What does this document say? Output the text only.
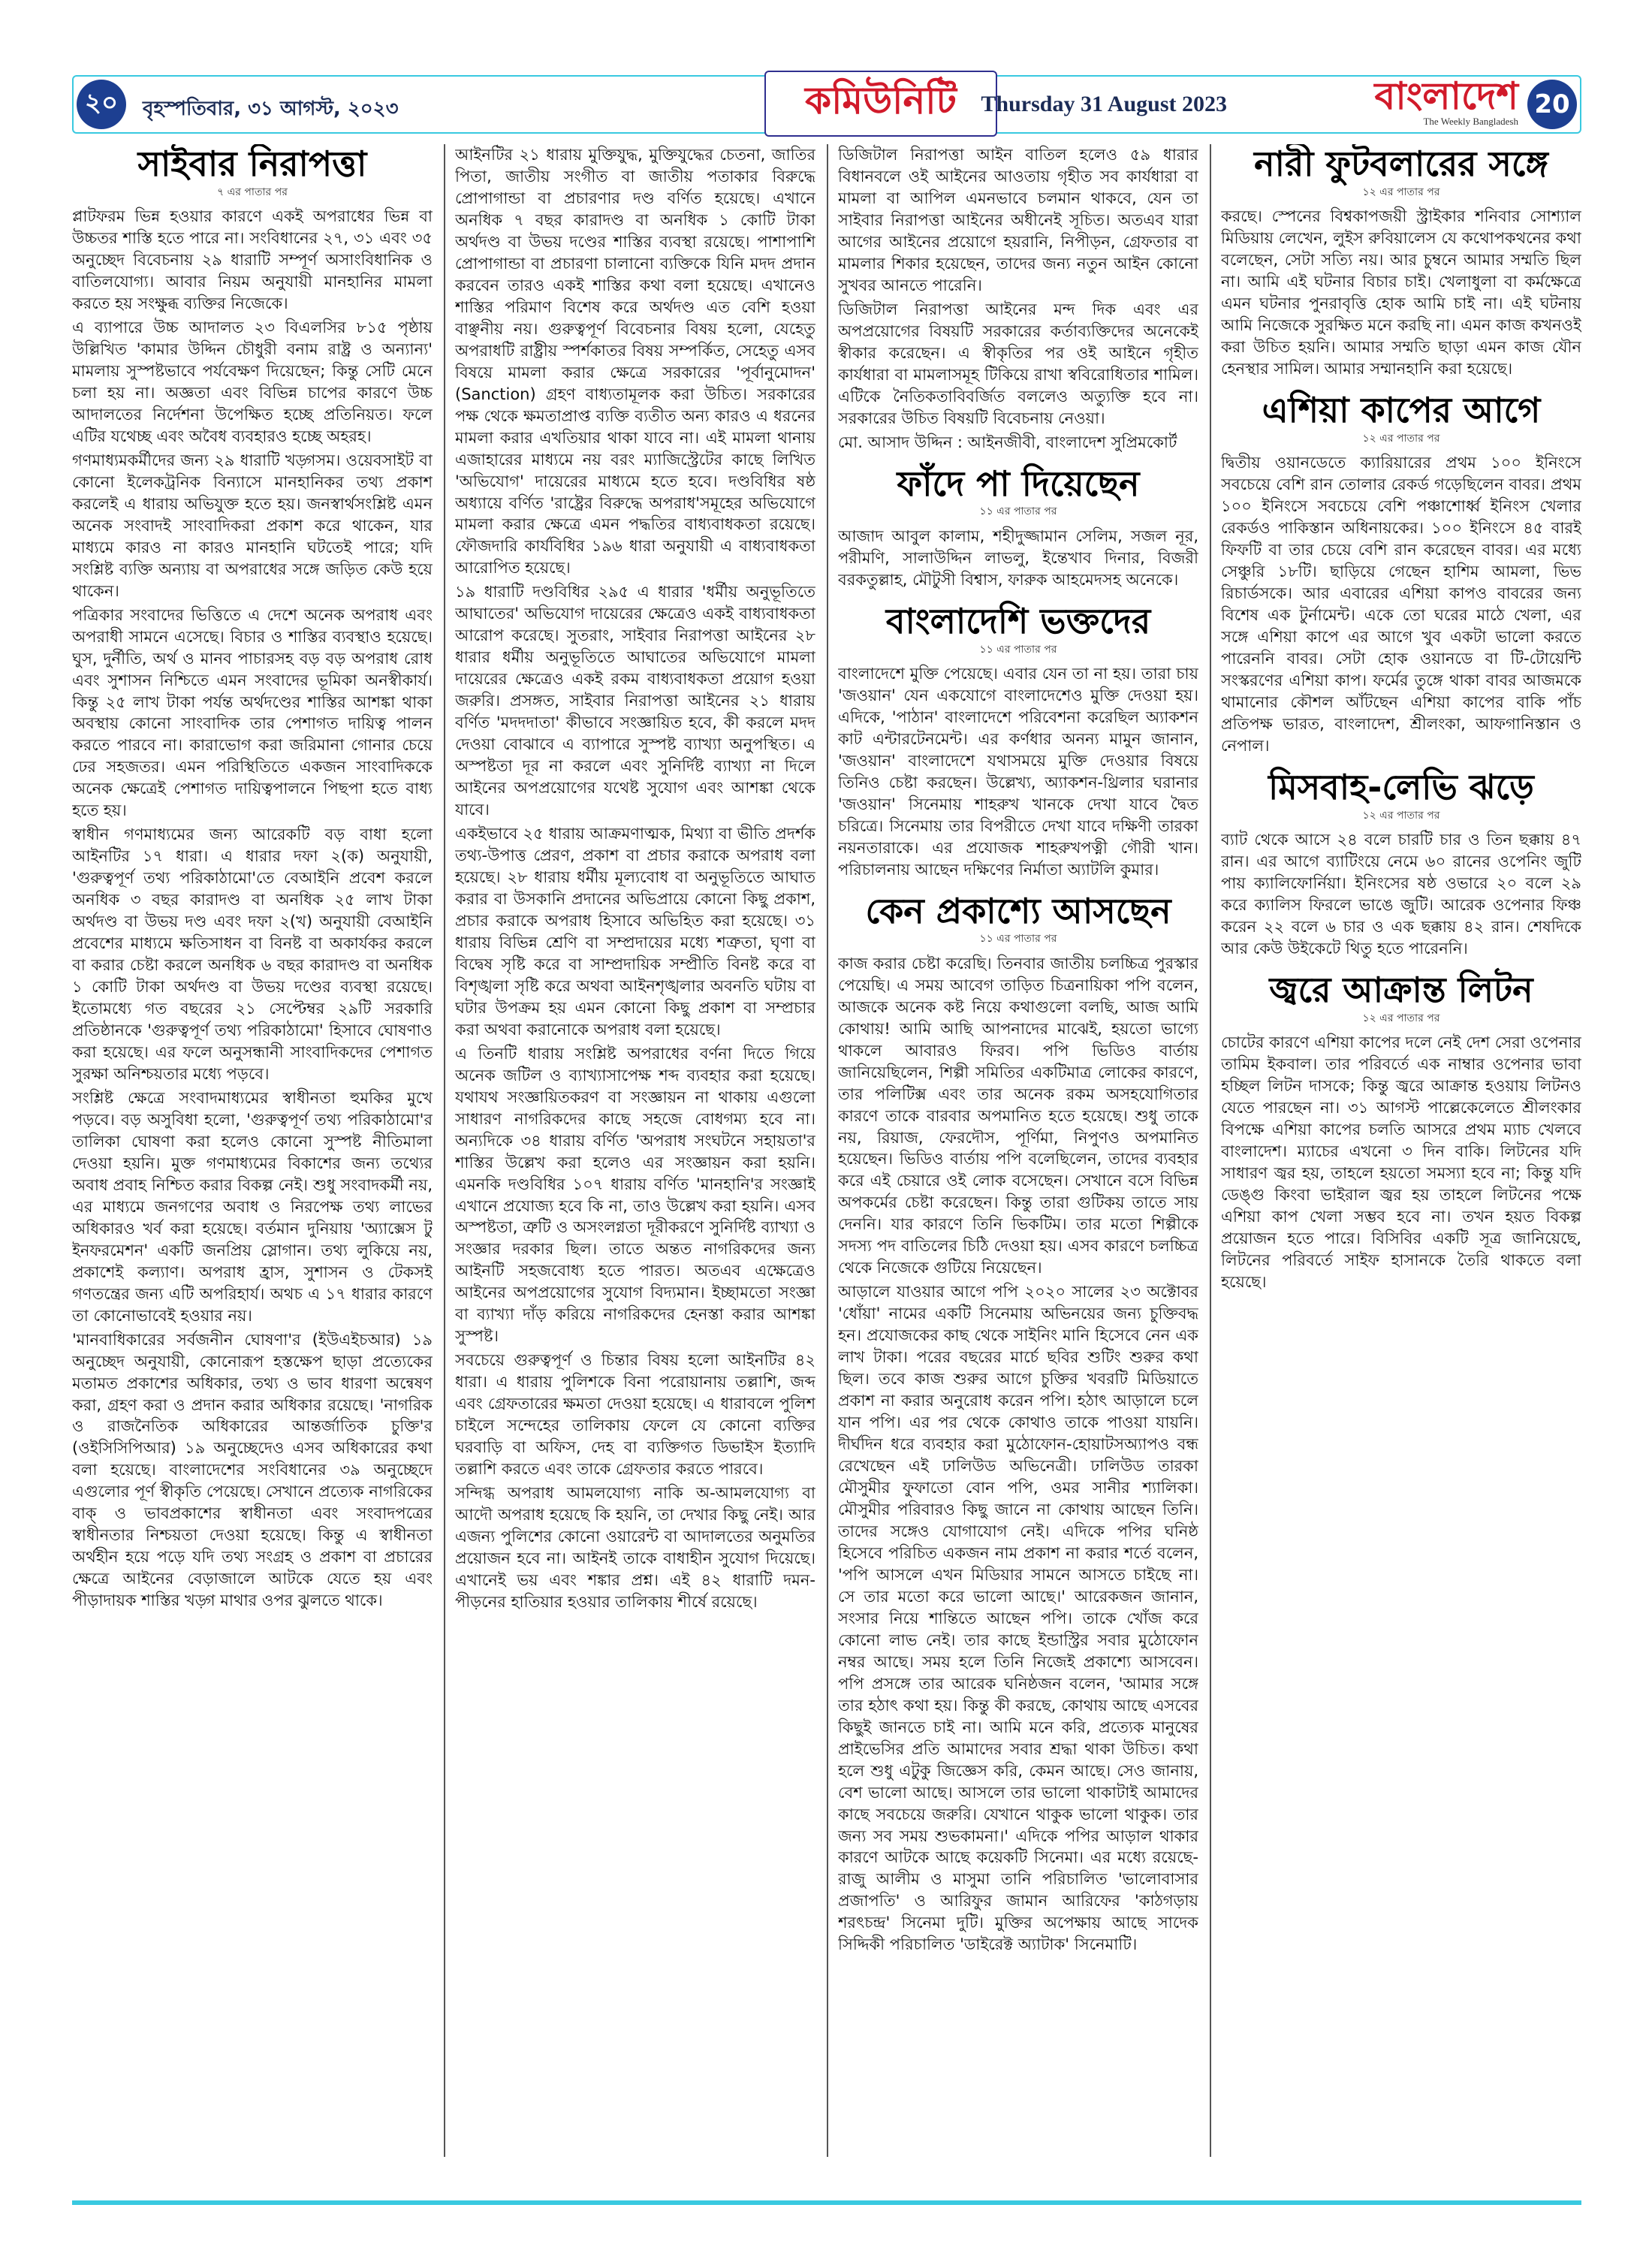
২০	বৃহস্পতিবার, ৩১ আগস্ট, ২০২৩	কমিউনিটি	Thursday 31 August 2023	বাংলাদেশ
The Weekly Bangladesh
20
সাইবার নিরাপত্তা
৭ এর পাতার পর

প্লাটফরম ভিন্ন হওয়ার কারণে একই অপরাধের ভিন্ন বা উচ্চতর শাস্তি হতে পারে না। সংবিধানের ২৭, ৩১ এবং ৩৫ অনুচ্ছেদ বিবেচনায় ২৯ ধারাটি সম্পূর্ণ অসাংবিধানিক ও বাতিলযোগ্য। আবার নিয়ম অনুযায়ী মানহানির মামলা করতে হয় সংক্ষুব্ধ ব্যক্তির নিজেকে।

এ ব্যাপারে উচ্চ আদালত ২৩ বিএলসির ৮১৫ পৃষ্ঠায় উল্লিখিত 'কামার উদ্দিন চৌধুরী বনাম রাষ্ট্র ও অন্যান্য' মামলায় সুস্পষ্টভাবে পর্যবেক্ষণ দিয়েছেন; কিন্তু সেটি মেনে চলা হয় না। অজ্ঞতা এবং বিভিন্ন চাপের কারণে উচ্চ আদালতের নির্দেশনা উপেক্ষিত হচ্ছে প্রতিনিয়ত। ফলে এটির যথেচ্ছ এবং অবৈধ ব্যবহারও হচ্ছে অহরহ।

গণমাধ্যমকর্মীদের জন্য ২৯ ধারাটি খড়্গসম। ওয়েবসাইট বা কোনো ইলেকট্রনিক বিন্যাসে মানহানিকর তথ্য প্রকাশ করলেই এ ধারায় অভিযুক্ত হতে হয়। জনস্বার্থসংশ্লিষ্ট এমন অনেক সংবাদই সাংবাদিকরা প্রকাশ করে থাকেন, যার মাধ্যমে কারও না কারও মানহানি ঘটতেই পারে; যদি সংশ্লিষ্ট ব্যক্তি অন্যায় বা অপরাধের সঙ্গে জড়িত কেউ হয়ে থাকেন।

পত্রিকার সংবাদের ভিত্তিতে এ দেশে অনেক অপরাধ এবং অপরাধী সামনে এসেছে। বিচার ও শাস্তির ব্যবস্থাও হয়েছে। ঘুস, দুর্নীতি, অর্থ ও মানব পাচারসহ বড় বড় অপরাধ রোধ এবং সুশাসন নিশ্চিতে এমন সংবাদের ভূমিকা অনস্বীকার্য। কিন্তু ২৫ লাখ টাকা পর্যন্ত অর্থদণ্ডের শাস্তির আশঙ্কা থাকা অবস্থায় কোনো সাংবাদিক তার পেশাগত দায়িত্ব পালন করতে পারবে না। কারাভোগ করা জরিমানা গোনার চেয়ে ঢের সহজতর। এমন পরিস্থিতিতে একজন সাংবাদিককে অনেক ক্ষেত্রেই পেশাগত দায়িত্বপালনে পিছপা হতে বাধ্য হতে হয়।

স্বাধীন গণমাধ্যমের জন্য আরেকটি বড় বাধা হলো আইনটির ১৭ ধারা। এ ধারার দফা ২(ক) অনুযায়ী, 'গুরুত্বপূর্ণ তথ্য পরিকাঠামো'তে বেআইনি প্রবেশ করলে অনধিক ৩ বছর কারাদণ্ড বা অনধিক ২৫ লাখ টাকা অর্থদণ্ড বা উভয় দণ্ড এবং দফা ২(খ) অনুযায়ী বেআইনি প্রবেশের মাধ্যমে ক্ষতিসাধন বা বিনষ্ট বা অকার্যকর করলে বা করার চেষ্টা করলে অনধিক ৬ বছর কারাদণ্ড বা অনধিক ১ কোটি টাকা অর্থদণ্ড বা উভয় দণ্ডের ব্যবস্থা রয়েছে। ইতোমধ্যে গত বছরের ২১ সেপ্টেম্বর ২৯টি সরকারি প্রতিষ্ঠানকে 'গুরুত্বপূর্ণ তথ্য পরিকাঠামো' হিসাবে ঘোষণাও করা হয়েছে। এর ফলে অনুসন্ধানী সাংবাদিকদের পেশাগত সুরক্ষা অনিশ্চয়তার মধ্যে পড়বে।

সংশ্লিষ্ট ক্ষেত্রে সংবাদমাধ্যমের স্বাধীনতা হুমকির মুখে পড়বে। বড় অসুবিধা হলো, 'গুরুত্বপূর্ণ তথ্য পরিকাঠামো'র তালিকা ঘোষণা করা হলেও কোনো সুস্পষ্ট নীতিমালা দেওয়া হয়নি। মুক্ত গণমাধ্যমের বিকাশের জন্য তথ্যের অবাধ প্রবাহ নিশ্চিত করার বিকল্প নেই। শুধু সংবাদকর্মী নয়, এর মাধ্যমে জনগণের অবাধ ও নিরপেক্ষ তথ্য লাভের অধিকারও খর্ব করা হয়েছে। বর্তমান দুনিয়ায় 'অ্যাক্সেস টু ইনফরমেশন' একটি জনপ্রিয় স্লোগান। তথ্য লুকিয়ে নয়, প্রকাশেই কল্যাণ। অপরাধ হ্রাস, সুশাসন ও টেকসই গণতন্ত্রের জন্য এটি অপরিহার্য। অথচ এ ১৭ ধারার কারণে তা কোনোভাবেই হওয়ার নয়।

'মানবাধিকারের সর্বজনীন ঘোষণা'র (ইউএইচআর) ১৯ অনুচ্ছেদ অনুযায়ী, কোনোরূপ হস্তক্ষেপ ছাড়া প্রত্যেকের মতামত প্রকাশের অধিকার, তথ্য ও ভাব ধারণা অন্বেষণ করা, গ্রহণ করা ও প্রদান করার অধিকার রয়েছে। 'নাগরিক ও রাজনৈতিক অধিকারের আন্তর্জাতিক চুক্তি'র (ওইসিসিপিআর) ১৯ অনুচ্ছেদেও এসব অধিকারের কথা বলা হয়েছে। বাংলাদেশের সংবিধানের ৩৯ অনুচ্ছেদে এগুলোর পূর্ণ স্বীকৃতি পেয়েছে। সেখানে প্রত্যেক নাগরিকের বাক্‌ ও ভাবপ্রকাশের স্বাধীনতা এবং সংবাদপত্রের স্বাধীনতার নিশ্চয়তা দেওয়া হয়েছে। কিন্তু এ স্বাধীনতা অর্থহীন হয়ে পড়ে যদি তথ্য সংগ্রহ ও প্রকাশ বা প্রচারের ক্ষেত্রে আইনের বেড়াজালে আটকে যেতে হয় এবং পীড়াদায়ক শাস্তির খড়্গ মাথার ওপর ঝুলতে থাকে।

আইনটির ২১ ধারায় মুক্তিযুদ্ধ, মুক্তিযুদ্ধের চেতনা, জাতির পিতা, জাতীয় সংগীত বা জাতীয় পতাকার বিরুদ্ধে প্রোপাগান্ডা বা প্রচারণার দণ্ড বর্ণিত হয়েছে। এখানে অনধিক ৭ বছর কারাদণ্ড বা অনধিক ১ কোটি টাকা অর্থদণ্ড বা উভয় দণ্ডের শাস্তির ব্যবস্থা রয়েছে। পাশাপাশি প্রোপাগান্ডা বা প্রচারণা চালানো ব্যক্তিকে যিনি মদদ প্রদান করবেন তারও একই শাস্তির কথা বলা হয়েছে। এখানেও শাস্তির পরিমাণ বিশেষ করে অর্থদণ্ড এত বেশি হওয়া বাঞ্ছনীয় নয়। গুরুত্বপূর্ণ বিবেচনার বিষয় হলো, যেহেতু অপরাধটি রাষ্ট্রীয় স্পর্শকাতর বিষয় সম্পর্কিত, সেহেতু এসব বিষয়ে মামলা করার ক্ষেত্রে সরকারের 'পূর্বানুমোদন' (Sanction) গ্রহণ বাধ্যতামূলক করা উচিত। সরকারের পক্ষ থেকে ক্ষমতাপ্রাপ্ত ব্যক্তি ব্যতীত অন্য কারও এ ধরনের মামলা করার এখতিয়ার থাকা যাবে না। এই মামলা থানায় এজাহারের মাধ্যমে নয় বরং ম্যাজিস্ট্রেটের কাছে লিখিত 'অভিযোগ' দায়েরের মাধ্যমে হতে হবে। দণ্ডবিধির ষষ্ঠ অধ্যায়ে বর্ণিত 'রাষ্ট্রের বিরুদ্ধে অপরাধ'সমূহের অভিযোগে মামলা করার ক্ষেত্রে এমন পদ্ধতির বাধ্যবাধকতা রয়েছে। ফৌজদারি কার্যবিধির ১৯৬ ধারা অনুযায়ী এ বাধ্যবাধকতা আরোপিত হয়েছে।

১৯ ধারাটি দণ্ডবিধির ২৯৫ এ ধারার 'ধর্মীয় অনুভূতিতে আঘাতের' অভিযোগ দায়েরের ক্ষেত্রেও একই বাধ্যবাধকতা আরোপ করেছে। সুতরাং, সাইবার নিরাপত্তা আইনের ২৮ ধারার ধর্মীয় অনুভূতিতে আঘাতের অভিযোগে মামলা দায়েরের ক্ষেত্রেও একই রকম বাধ্যবাধকতা প্রয়োগ হওয়া জরুরি। প্রসঙ্গত, সাইবার নিরাপত্তা আইনের ২১ ধারায় বর্ণিত 'মদদদাতা' কীভাবে সংজ্ঞায়িত হবে, কী করলে মদদ দেওয়া বোঝাবে এ ব্যাপারে সুস্পষ্ট ব্যাখ্যা অনুপস্থিত। এ অস্পষ্টতা দূর না করলে এবং সুনির্দিষ্ট ব্যাখ্যা না দিলে আইনের অপপ্রয়োগের যথেষ্ট সুযোগ এবং আশঙ্কা থেকে যাবে।

একইভাবে ২৫ ধারায় আক্রমণাত্মক, মিথ্যা বা ভীতি প্রদর্শক তথ্য-উপাত্ত প্রেরণ, প্রকাশ বা প্রচার করাকে অপরাধ বলা হয়েছে। ২৮ ধারায় ধর্মীয় মূল্যবোধ বা অনুভূতিতে আঘাত করার বা উসকানি প্রদানের অভিপ্রায়ে কোনো কিছু প্রকাশ, প্রচার করাকে অপরাধ হিসাবে অভিহিত করা হয়েছে। ৩১ ধারায় বিভিন্ন শ্রেণি বা সম্প্রদায়ের মধ্যে শত্রুতা, ঘৃণা বা বিদ্বেষ সৃষ্টি করে বা সাম্প্রদায়িক সম্প্রীতি বিনষ্ট করে বা বিশৃঙ্খলা সৃষ্টি করে অথবা আইনশৃঙ্খলার অবনতি ঘটায় বা ঘটার উপক্রম হয় এমন কোনো কিছু প্রকাশ বা সম্প্রচার করা অথবা করানোকে অপরাধ বলা হয়েছে।

এ তিনটি ধারায় সংশ্লিষ্ট অপরাধের বর্ণনা দিতে গিয়ে অনেক জটিল ও ব্যাখ্যাসাপেক্ষ শব্দ ব্যবহার করা হয়েছে। যথাযথ সংজ্ঞায়িতকরণ বা সংজ্ঞায়ন না থাকায় এগুলো সাধারণ নাগরিকদের কাছে সহজে বোধগম্য হবে না। অন্যদিকে ৩৪ ধারায় বর্ণিত 'অপরাধ সংঘটনে সহায়তা'র শাস্তির উল্লেখ করা হলেও এর সংজ্ঞায়ন করা হয়নি। এমনকি দণ্ডবিধির ১০৭ ধারায় বর্ণিত 'মানহানি'র সংজ্ঞাই এখানে প্রযোজ্য হবে কি না, তাও উল্লেখ করা হয়নি। এসব অস্পষ্টতা, ত্রুটি ও অসংলগ্নতা দূরীকরণে সুনির্দিষ্ট ব্যাখ্যা ও সংজ্ঞার দরকার ছিল। তাতে অন্তত নাগরিকদের জন্য আইনটি সহজবোধ্য হতে পারত। অতএব এক্ষেত্রেও আইনের অপপ্রয়োগের সুযোগ বিদ্যমান। ইচ্ছামতো সংজ্ঞা বা ব্যাখ্যা দাঁড় করিয়ে নাগরিকদের হেনস্তা করার আশঙ্কা সুস্পষ্ট।

সবচেয়ে গুরুত্বপূর্ণ ও চিন্তার বিষয় হলো আইনটির ৪২ ধারা। এ ধারায় পুলিশকে বিনা পরোয়ানায় তল্লাশি, জব্দ এবং গ্রেফতারের ক্ষমতা দেওয়া হয়েছে। এ ধারাবলে পুলিশ চাইলে সন্দেহের তালিকায় ফেলে যে কোনো ব্যক্তির ঘরবাড়ি বা অফিস, দেহ বা ব্যক্তিগত ডিভাইস ইত্যাদি তল্লাশি করতে এবং তাকে গ্রেফতার করতে পারবে।

সন্দিগ্ধ অপরাধ আমলযোগ্য নাকি অ-আমলযোগ্য বা আদৌ অপরাধ হয়েছে কি হয়নি, তা দেখার কিছু নেই। আর এজন্য পুলিশের কোনো ওয়ারেন্ট বা আদালতের অনুমতির প্রয়োজন হবে না। আইনই তাকে বাধাহীন সুযোগ দিয়েছে। এখানেই ভয় এবং শঙ্কার প্রশ্ন। এই ৪২ ধারাটি দমন-পীড়নের হাতিয়ার হওয়ার তালিকায় শীর্ষে রয়েছে।

ডিজিটাল নিরাপত্তা আইন বাতিল হলেও ৫৯ ধারার বিধানবলে ওই আইনের আওতায় গৃহীত সব কার্যধারা বা মামলা বা আপিল এমনভাবে চলমান থাকবে, যেন তা সাইবার নিরাপত্তা আইনের অধীনেই সূচিত। অতএব যারা আগের আইনের প্রয়োগে হয়রানি, নিপীড়ন, গ্রেফতার বা মামলার শিকার হয়েছেন, তাদের জন্য নতুন আইন কোনো সুখবর আনতে পারেনি।

ডিজিটাল নিরাপত্তা আইনের মন্দ দিক এবং এর অপপ্রয়োগের বিষয়টি সরকারের কর্তাব্যক্তিদের অনেকেই স্বীকার করেছেন। এ স্বীকৃতির পর ওই আইনে গৃহীত কার্যধারা বা মামলাসমূহ টিকিয়ে রাখা স্ববিরোধিতার শামিল। এটিকে নৈতিকতাবিবর্জিত বললেও অত্যুক্তি হবে না। সরকারের উচিত বিষয়টি বিবেচনায় নেওয়া।

মো. আসাদ উদ্দিন : আইনজীবী, বাংলাদেশ সুপ্রিমকোর্ট

ফাঁদে পা দিয়েছেন
১১ এর পাতার পর

আজাদ আবুল কালাম, শহীদুজ্জামান সেলিম, সজল নূর, পরীমণি, সালাউদ্দিন লাভলু, ইন্তেখাব দিনার, বিজরী বরকতুল্লাহ, মৌটুসী বিশ্বাস, ফারুক আহমেদসহ অনেকে।

বাংলাদেশি ভক্তদের
১১ এর পাতার পর

বাংলাদেশে মুক্তি পেয়েছে। এবার যেন তা না হয়। তারা চায় 'জওয়ান' যেন একযোগে বাংলাদেশেও মুক্তি দেওয়া হয়। এদিকে, 'পাঠান' বাংলাদেশে পরিবেশনা করেছিল অ্যাকশন কাট এন্টারটেনমেন্ট। এর কর্ণধার অনন্য মামুন জানান, 'জওয়ান' বাংলাদেশে যথাসময়ে মুক্তি দেওয়ার বিষয়ে তিনিও চেষ্টা করছেন। উল্লেখ্য, অ্যাকশন-থ্রিলার ঘরানার 'জওয়ান' সিনেমায় শাহরুখ খানকে দেখা যাবে দ্বৈত চরিত্রে। সিনেমায় তার বিপরীতে দেখা যাবে দক্ষিণী তারকা নয়নতারাকে। এর প্রযোজক শাহরুখপত্নী গৌরী খান। পরিচালনায় আছেন দক্ষিণের নির্মাতা অ্যাটলি কুমার।

কেন প্রকাশ্যে আসছেন
১১ এর পাতার পর

কাজ করার চেষ্টা করেছি। তিনবার জাতীয় চলচ্চিত্র পুরস্কার পেয়েছি। এ সময় আবেগ তাড়িত চিত্রনায়িকা পপি বলেন, আজকে অনেক কষ্ট নিয়ে কথাগুলো বলছি, আজ আমি কোথায়! আমি আছি আপনাদের মাঝেই, হয়তো ভাগ্যে থাকলে আবারও ফিরব। পপি ভিডিও বার্তায় জানিয়েছিলেন, শিল্পী সমিতির একটিমাত্র লোকের কারণে, তার পলিটিক্স এবং তার অনেক রকম অসহযোগিতার কারণে তাকে বারবার অপমানিত হতে হয়েছে। শুধু তাকে নয়, রিয়াজ, ফেরদৌস, পূর্ণিমা, নিপুণও অপমানিত হয়েছেন। ভিডিও বার্তায় পপি বলেছিলেন, তাদের ব্যবহার করে এই চেয়ারে ওই লোক বসেছেন। সেখানে বসে বিভিন্ন অপকর্মের চেষ্টা করেছেন। কিন্তু তারা গুটিকয় তাতে সায় দেননি। যার কারণে তিনি ভিকটিম। তার মতো শিল্পীকে সদস্য পদ বাতিলের চিঠি দেওয়া হয়। এসব কারণে চলচ্চিত্র থেকে নিজেকে গুটিয়ে নিয়েছেন।

আড়ালে যাওয়ার আগে পপি ২০২০ সালের ২৩ অক্টোবর 'ধোঁয়া' নামের একটি সিনেমায় অভিনয়ের জন্য চুক্তিবদ্ধ হন। প্রযোজকের কাছ থেকে সাইনিং মানি হিসেবে নেন এক লাখ টাকা। পরের বছরের মার্চে ছবির শুটিং শুরুর কথা ছিল। তবে কাজ শুরুর আগে চুক্তির খবরটি মিডিয়াতে প্রকাশ না করার অনুরোধ করেন পপি। হঠাৎ আড়ালে চলে যান পপি। এর পর থেকে কোথাও তাকে পাওয়া যায়নি। দীর্ঘদিন ধরে ব্যবহার করা মুঠোফোন-হোয়াটসঅ্যাপও বন্ধ রেখেছেন এই ঢালিউড অভিনেত্রী। ঢালিউড তারকা মৌসুমীর ফুফাতো বোন পপি, ওমর সানীর শ্যালিকা। মৌসুমীর পরিবারও কিছু জানে না কোথায় আছেন তিনি। তাদের সঙ্গেও যোগাযোগ নেই। এদিকে পপির ঘনিষ্ঠ হিসেবে পরিচিত একজন নাম প্রকাশ না করার শর্তে বলেন, 'পপি আসলে এখন মিডিয়ার সামনে আসতে চাইছে না। সে তার মতো করে ভালো আছে।' আরেকজন জানান, সংসার নিয়ে শান্তিতে আছেন পপি। তাকে খোঁজ করে কোনো লাভ নেই। তার কাছে ইন্ডাস্ট্রির সবার মুঠোফোন নম্বর আছে। সময় হলে তিনি নিজেই প্রকাশ্যে আসবেন। পপি প্রসঙ্গে তার আরেক ঘনিষ্ঠজন বলেন, 'আমার সঙ্গে তার হঠাৎ কথা হয়। কিন্তু কী করছে, কোথায় আছে এসবের কিছুই জানতে চাই না। আমি মনে করি, প্রত্যেক মানুষের প্রাইভেসির প্রতি আমাদের সবার শ্রদ্ধা থাকা উচিত। কথা হলে শুধু এটুকু জিজ্ঞেস করি, কেমন আছে। সেও জানায়, বেশ ভালো আছে। আসলে তার ভালো থাকাটাই আমাদের কাছে সবচেয়ে জরুরি। যেখানে থাকুক ভালো থাকুক। তার জন্য সব সময় শুভকামনা।' এদিকে পপির আড়াল থাকার কারণে আটকে আছে কয়েকটি সিনেমা। এর মধ্যে রয়েছে- রাজু আলীম ও মাসুমা তানি পরিচালিত 'ভালোবাসার প্রজাপতি' ও আরিফুর জামান আরিফের 'কাঠগড়ায় শরৎচন্দ্র' সিনেমা দুটি। মুক্তির অপেক্ষায় আছে সাদেক সিদ্দিকী পরিচালিত 'ডাইরেক্ট অ্যাটাক' সিনেমাটি।

নারী ফুটবলারের সঙ্গে
১২ এর পাতার পর

করছে। স্পেনের বিশ্বকাপজয়ী স্ট্রাইকার শনিবার সোশ্যাল মিডিয়ায় লেখেন, লুইস রুবিয়ালেস যে কথোপকথনের কথা বলেছেন, সেটা সত্যি নয়। আর চুম্বনে আমার সম্মতি ছিল না। আমি এই ঘটনার বিচার চাই। খেলাধুলা বা কর্মক্ষেত্রে এমন ঘটনার পুনরাবৃত্তি হোক আমি চাই না। এই ঘটনায় আমি নিজেকে সুরক্ষিত মনে করছি না। এমন কাজ কখনওই করা উচিত হয়নি। আমার সম্মতি ছাড়া এমন কাজ যৌন হেনস্থার সামিল। আমার সম্মানহানি করা হয়েছে।

এশিয়া কাপের আগে
১২ এর পাতার পর

দ্বিতীয় ওয়ানডেতে ক্যারিয়ারের প্রথম ১০০ ইনিংসে সবচেয়ে বেশি রান তোলার রেকর্ড গড়েছিলেন বাবর। প্রথম ১০০ ইনিংসে সবচেয়ে বেশি পঞ্চাশোর্ধ্ব ইনিংস খেলার রেকর্ডও পাকিস্তান অধিনায়কের। ১০০ ইনিংসে ৪৫ বারই ফিফটি বা তার চেয়ে বেশি রান করেছেন বাবর। এর মধ্যে সেঞ্চুরি ১৮টি। ছাড়িয়ে গেছেন হাশিম আমলা, ভিভ রিচার্ডসকে। আর এবারের এশিয়া কাপও বাবরের জন্য বিশেষ এক টুর্নামেন্ট। একে তো ঘরের মাঠে খেলা, এর সঙ্গে এশিয়া কাপে এর আগে খুব একটা ভালো করতে পারেননি বাবর। সেটা হোক ওয়ানডে বা টি-টোয়েন্টি সংস্করণের এশিয়া কাপ। ফর্মের তুঙ্গে থাকা বাবর আজমকে থামানোর কৌশল আঁটছেন এশিয়া কাপের বাকি পাঁচ প্রতিপক্ষ ভারত, বাংলাদেশ, শ্রীলংকা, আফগানিস্তান ও নেপাল।

মিসবাহ-লেভি ঝড়ে
১২ এর পাতার পর

ব্যাট থেকে আসে ২৪ বলে চারটি চার ও তিন ছক্কায় ৪৭ রান। এর আগে ব্যাটিংয়ে নেমে ৬০ রানের ওপেনিং জুটি পায় ক্যালিফোর্নিয়া। ইনিংসের ষষ্ঠ ওভারে ২০ বলে ২৯ করে ক্যালিস ফিরলে ভাঙে জুটি। আরেক ওপেনার ফিঞ্চ করেন ২২ বলে ৬ চার ও এক ছক্কায় ৪২ রান। শেষদিকে আর কেউ উইকেটে থিতু হতে পারেননি।

জ্বরে আক্রান্ত লিটন
১২ এর পাতার পর

চোটের কারণে এশিয়া কাপের দলে নেই দেশ সেরা ওপেনার তামিম ইকবাল। তার পরিবর্তে এক নাম্বার ওপেনার ভাবা হচ্ছিল লিটন দাসকে; কিন্তু জ্বরে আক্রান্ত হওয়ায় লিটনও যেতে পারছেন না। ৩১ আগস্ট পাল্লেকেলেতে শ্রীলংকার বিপক্ষে এশিয়া কাপের চলতি আসরে প্রথম ম্যাচ খেলবে বাংলাদেশ। ম্যাচের এখনো ৩ দিন বাকি। লিটনের যদি সাধারণ জ্বর হয়, তাহলে হয়তো সমস্যা হবে না; কিন্তু যদি ডেঙ্গু কিংবা ভাইরাল জ্বর হয় তাহলে লিটনের পক্ষে এশিয়া কাপ খেলা সম্ভব হবে না। তখন হয়ত বিকল্প প্রয়োজন হতে পারে। বিসিবির একটি সূত্র জানিয়েছে, লিটনের পরিবর্তে সাইফ হাসানকে তৈরি থাকতে বলা হয়েছে।
